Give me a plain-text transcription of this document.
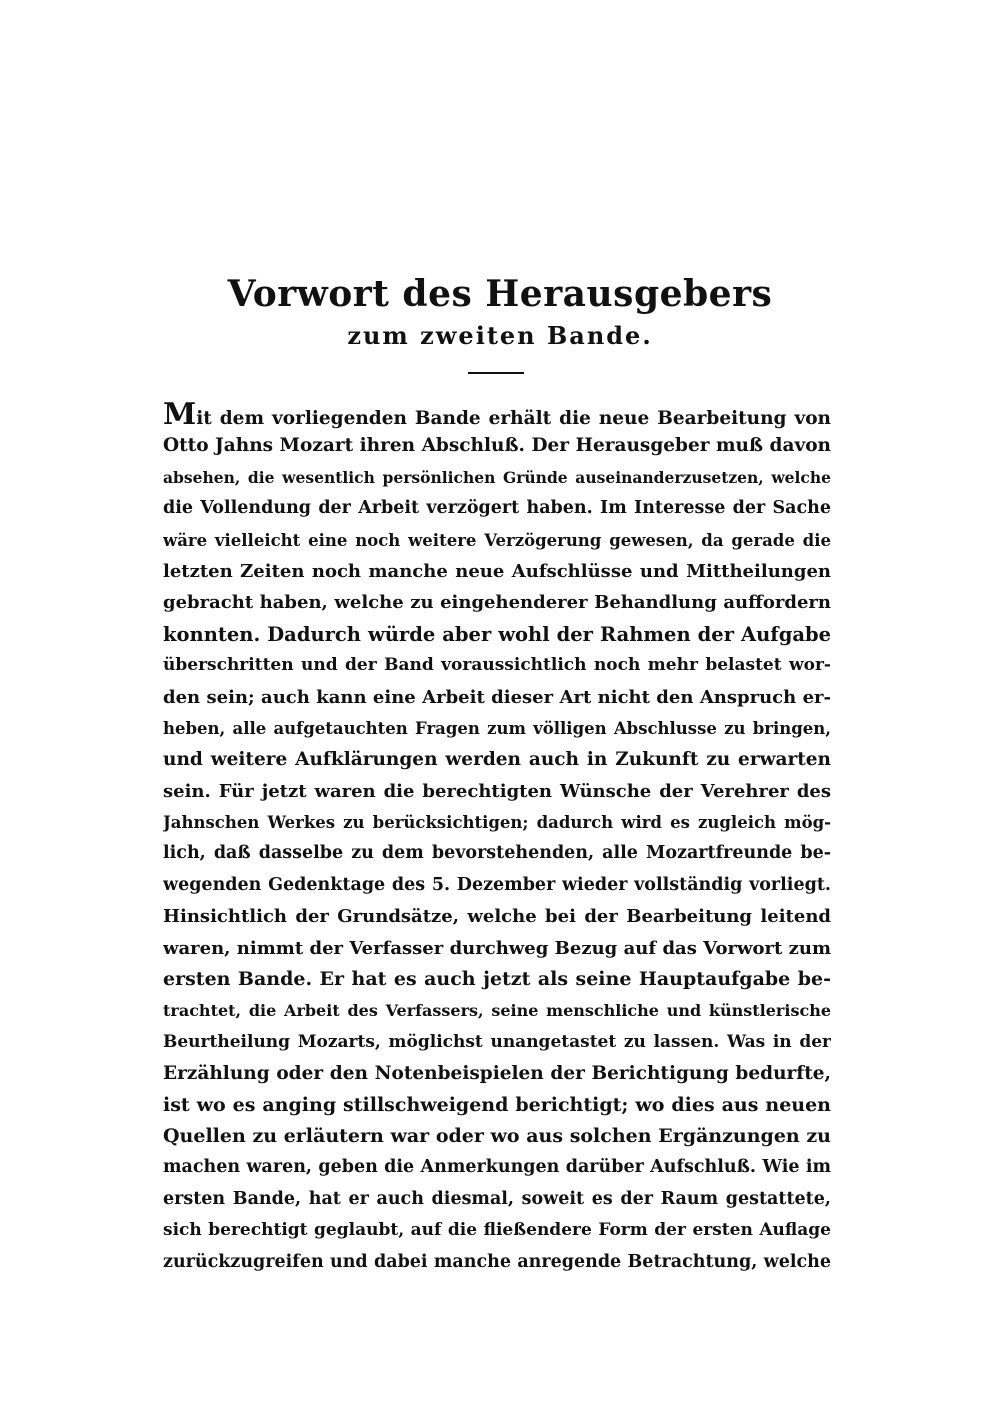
Vorwort des Herausgebers
zum zweiten Bande.
Mit dem vorliegenden Bande erhält die neue Bearbeitung von
Otto Jahns Mozart ihren Abschluß. Der Herausgeber muß davon
absehen, die wesentlich persönlichen Gründe auseinanderzusetzen, welche
die Vollendung der Arbeit verzögert haben. Im Interesse der Sache
wäre vielleicht eine noch weitere Verzögerung gewesen, da gerade die
letzten Zeiten noch manche neue Aufschlüsse und Mittheilungen
gebracht haben, welche zu eingehenderer Behandlung auffordern
konnten. Dadurch würde aber wohl der Rahmen der Aufgabe
überschritten und der Band voraussichtlich noch mehr belastet wor-
den sein; auch kann eine Arbeit dieser Art nicht den Anspruch er-
heben, alle aufgetauchten Fragen zum völligen Abschlusse zu bringen,
und weitere Aufklärungen werden auch in Zukunft zu erwarten
sein. Für jetzt waren die berechtigten Wünsche der Verehrer des
Jahnschen Werkes zu berücksichtigen; dadurch wird es zugleich mög-
lich, daß dasselbe zu dem bevorstehenden, alle Mozartfreunde be-
wegenden Gedenktage des 5. Dezember wieder vollständig vorliegt.
Hinsichtlich der Grundsätze, welche bei der Bearbeitung leitend
waren, nimmt der Verfasser durchweg Bezug auf das Vorwort zum
ersten Bande. Er hat es auch jetzt als seine Hauptaufgabe be-
trachtet, die Arbeit des Verfassers, seine menschliche und künstlerische
Beurtheilung Mozarts, möglichst unangetastet zu lassen. Was in der
Erzählung oder den Notenbeispielen der Berichtigung bedurfte,
ist wo es anging stillschweigend berichtigt; wo dies aus neuen
Quellen zu erläutern war oder wo aus solchen Ergänzungen zu
machen waren, geben die Anmerkungen darüber Aufschluß. Wie im
ersten Bande, hat er auch diesmal, soweit es der Raum gestattete,
sich berechtigt geglaubt, auf die fließendere Form der ersten Auflage
zurückzugreifen und dabei manche anregende Betrachtung, welche
